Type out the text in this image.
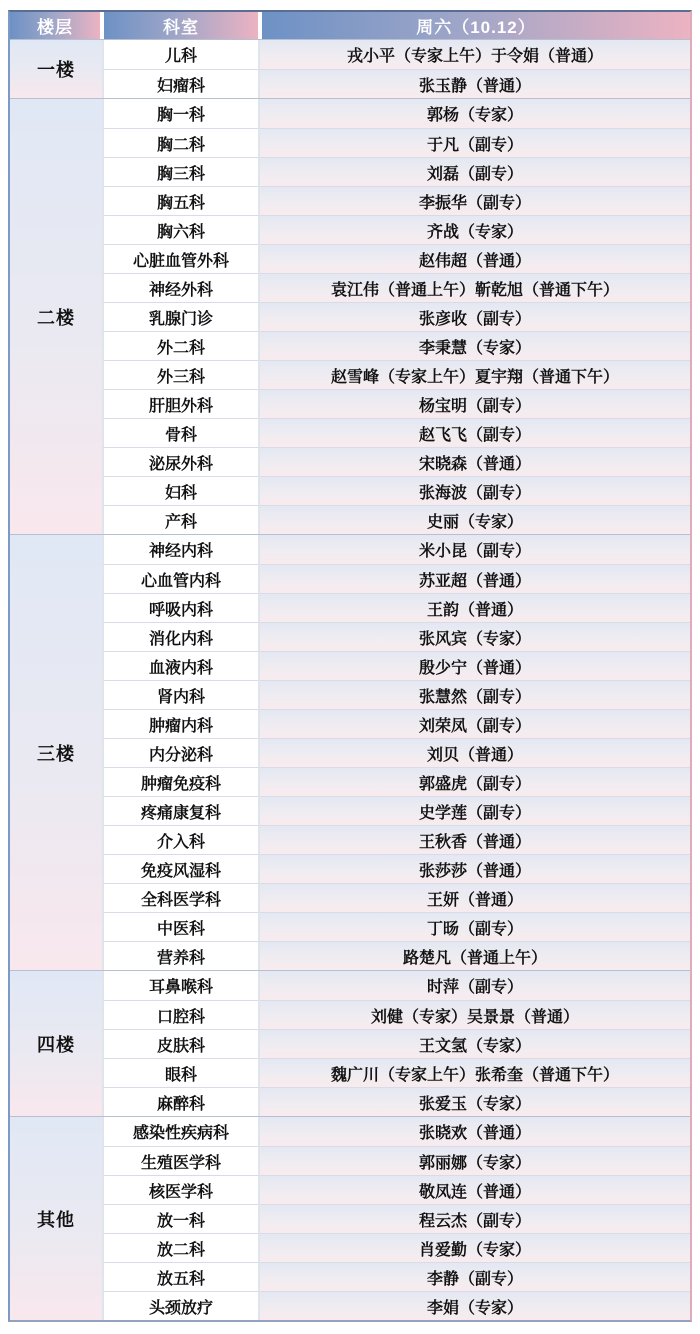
楼层	科室	周六（10.12）
一楼
儿科	戎小平（专家上午）于令娟（普通）
妇瘤科	张玉静（普通）
二楼
胸一科	郭杨（专家）
胸二科	于凡（副专）
胸三科	刘磊（副专）
胸五科	李振华（副专）
胸六科	齐战（专家）
心脏血管外科	赵伟超（普通）
神经外科	袁江伟（普通上午）靳乾旭（普通下午）
乳腺门诊	张彦收（副专）
外二科	李秉慧（专家）
外三科	赵雪峰（专家上午）夏宇翔（普通下午）
肝胆外科	杨宝明（副专）
骨科	赵飞飞（副专）
泌尿外科	宋晓森（普通）
妇科	张海波（副专）
产科	史丽（专家）
三楼
神经内科	米小昆（副专）
心血管内科	苏亚超（普通）
呼吸内科	王韵（普通）
消化内科	张风宾（专家）
血液内科	殷少宁（普通）
肾内科	张慧然（副专）
肿瘤内科	刘荣凤（副专）
内分泌科	刘贝（普通）
肿瘤免疫科	郭盛虎（副专）
疼痛康复科	史学莲（副专）
介入科	王秋香（普通）
免疫风湿科	张莎莎（普通）
全科医学科	王妍（普通）
中医科	丁旸（副专）
营养科	路楚凡（普通上午）
四楼
耳鼻喉科	时萍（副专）
口腔科	刘健（专家）吴景景（普通）
皮肤科	王文氢（专家）
眼科	魏广川（专家上午）张希奎（普通下午）
麻醉科	张爱玉（专家）
其他
感染性疾病科	张晓欢（普通）
生殖医学科	郭丽娜（专家）
核医学科	敬凤连（普通）
放一科	程云杰（副专）
放二科	肖爱勤（专家）
放五科	李静（副专）
头颈放疗	李娟（专家）
